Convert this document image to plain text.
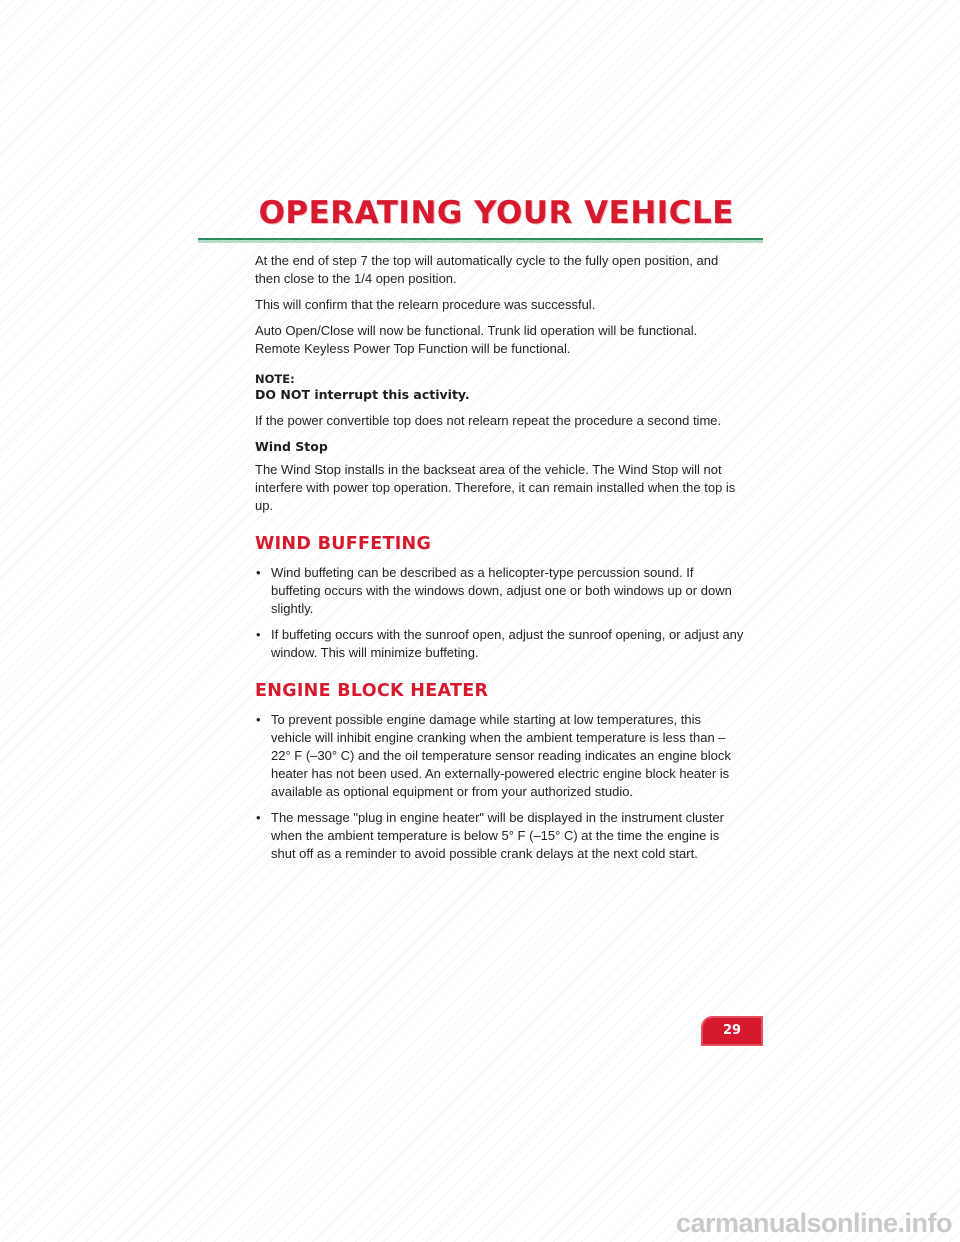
OPERATING YOUR VEHICLE

At the end of step 7 the top will automatically cycle to the fully open position, and then close to the 1/4 open position.

This will confirm that the relearn procedure was successful.

Auto Open/Close will now be functional. Trunk lid operation will be functional. Remote Keyless Power Top Function will be functional.

NOTE:
DO NOT interrupt this activity.

If the power convertible top does not relearn repeat the procedure a second time.

Wind Stop

The Wind Stop installs in the backseat area of the vehicle. The Wind Stop will not interfere with power top operation. Therefore, it can remain installed when the top is up.

WIND BUFFETING
• Wind buffeting can be described as a helicopter-type percussion sound. If buffeting occurs with the windows down, adjust one or both windows up or down slightly.
• If buffeting occurs with the sunroof open, adjust the sunroof opening, or adjust any window. This will minimize buffeting.
ENGINE BLOCK HEATER
• To prevent possible engine damage while starting at low temperatures, this vehicle will inhibit engine cranking when the ambient temperature is less than –22° F (–30° C) and the oil temperature sensor reading indicates an engine block heater has not been used. An externally-powered electric engine block heater is available as optional equipment or from your authorized studio.
• The message "plug in engine heater" will be displayed in the instrument cluster when the ambient temperature is below 5° F (–15° C) at the time the engine is shut off as a reminder to avoid possible crank delays at the next cold start.
29
carmanualsonline.info
